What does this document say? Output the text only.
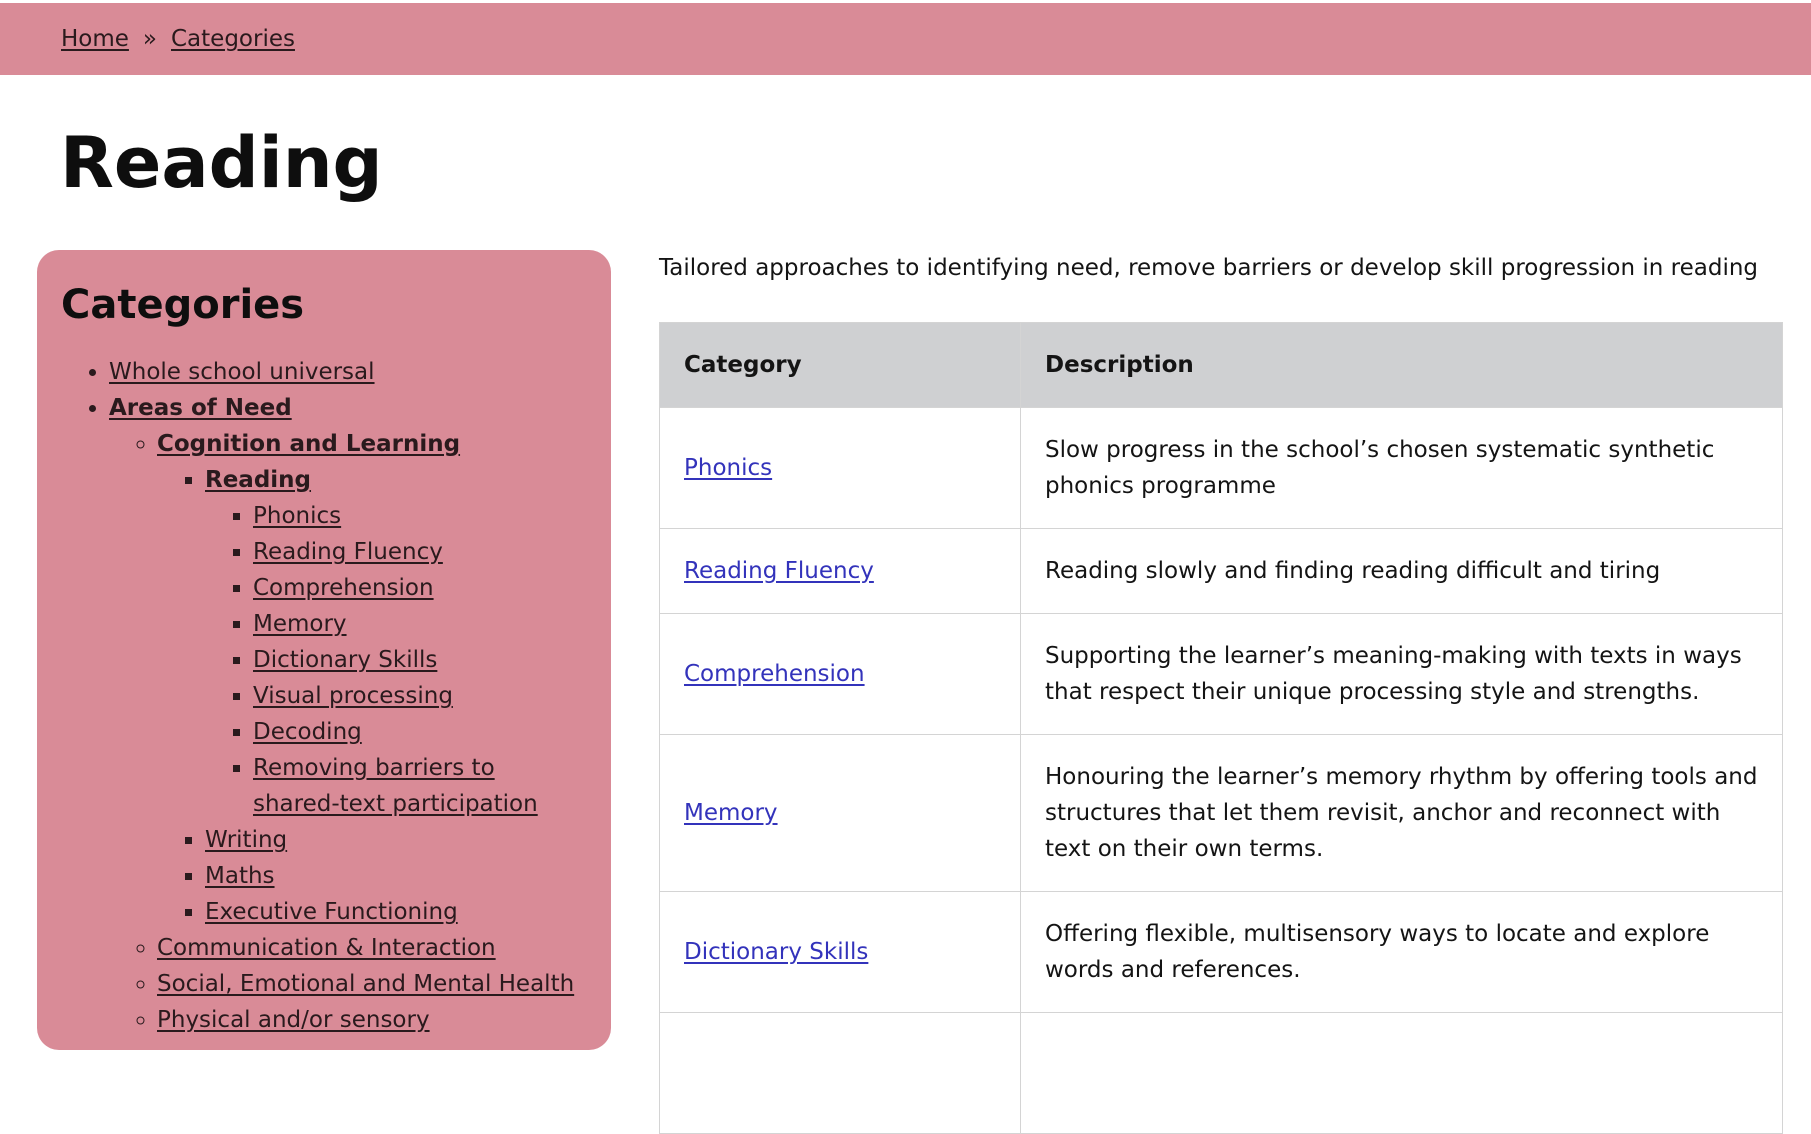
Home » Categories
Reading
Categories
• Whole school universal
• Areas of Need
◦ Cognition and Learning
▪ Reading
▪ Phonics
▪ Reading Fluency
▪ Comprehension
▪ Memory
▪ Dictionary Skills
▪ Visual processing
▪ Decoding
▪ Removing barriers to shared-text participation
▪ Writing
▪ Maths
▪ Executive Functioning
◦ Communication & Interaction
◦ Social, Emotional and Mental Health
◦ Physical and/or sensory

Tailored approaches to identifying need, remove barriers or develop skill progression in reading

Category	Description
Phonics	Slow progress in the school’s chosen systematic synthetic phonics programme
Reading Fluency	Reading slowly and finding reading difficult and tiring
Comprehension	Supporting the learner’s meaning-making with texts in ways that respect their unique processing style and strengths.
Memory	Honouring the learner’s memory rhythm by offering tools and structures that let them revisit, anchor and reconnect with text on their own terms.
Dictionary Skills	Offering flexible, multisensory ways to locate and explore words and references.
